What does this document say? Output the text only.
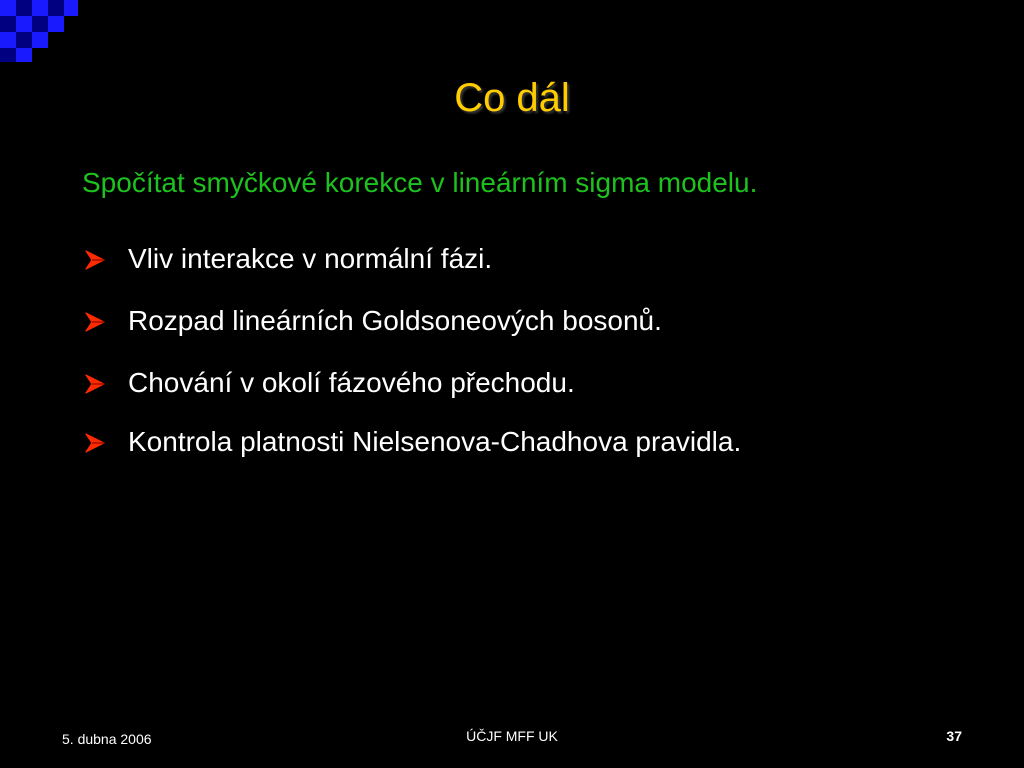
Co dál
Spočítat smyčkové korekce v lineárním sigma modelu.
Vliv interakce v normální fázi.
Rozpad lineárních Goldsoneových bosonů.
Chování v okolí fázového přechodu.
Kontrola platnosti Nielsenova-Chadhova pravidla.
5. dubna 2006	ÚČJF MFF UK	37
